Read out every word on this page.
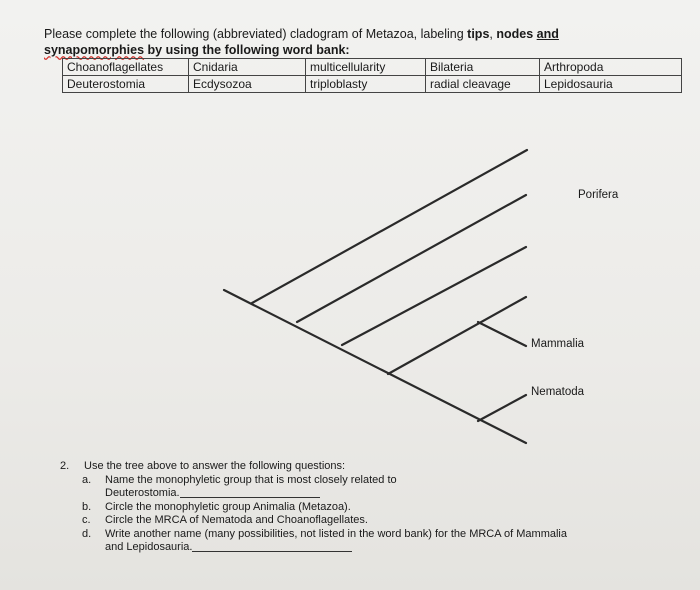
Please complete the following (abbreviated) cladogram of Metazoa, labeling tips, nodes and
synapomorphies by using the following word bank:
Choanoflagellates	Cnidaria	multicellularity	Bilateria	Arthropoda
Deuterostomia	Ecdysozoa	triploblasty	radial cleavage	Lepidosauria
Porifera
Mammalia
Nematoda
2.	Use the tree above to answer the following questions:
a.	Name the monophyletic group that is most closely related to
Deuterostomia.
b.	Circle the monophyletic group Animalia (Metazoa).
c.	Circle the MRCA of Nematoda and Choanoflagellates.
d.	Write another name (many possibilities, not listed in the word bank) for the MRCA of Mammalia
and Lepidosauria.
